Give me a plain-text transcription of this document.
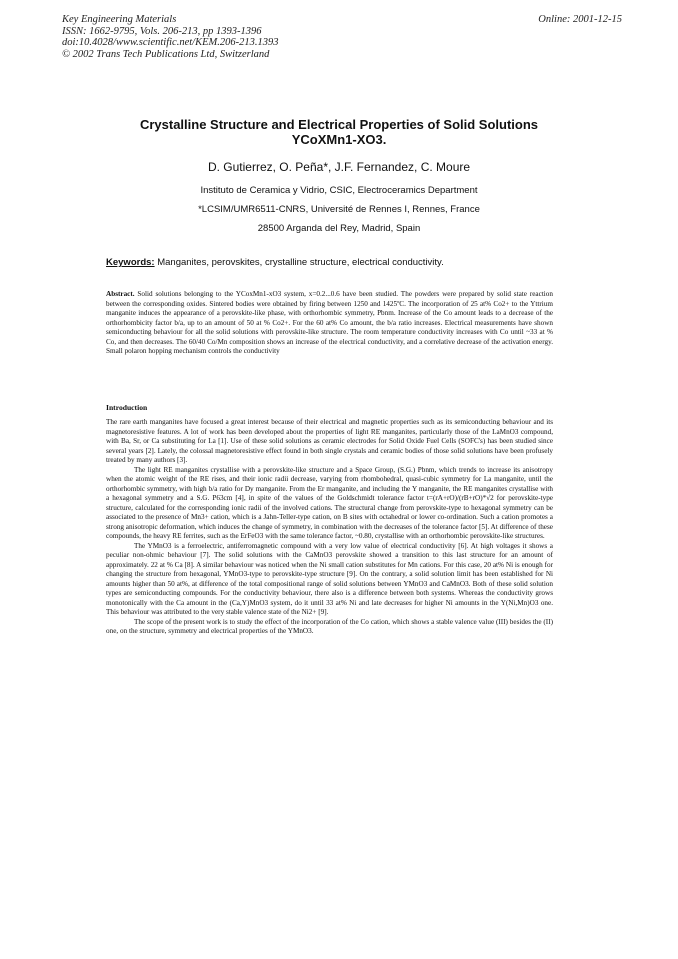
Key Engineering Materials
ISSN: 1662-9795, Vols. 206-213, pp 1393-1396
doi:10.4028/www.scientific.net/KEM.206-213.1393
© 2002 Trans Tech Publications Ltd, Switzerland
Online: 2001-12-15
Crystalline Structure and Electrical Properties of Solid Solutions
YCoXMn1-XO3.
D. Gutierrez, O. Peña*, J.F. Fernandez, C. Moure
Instituto de Ceramica y Vidrio, CSIC, Electroceramics Department
*LCSIM/UMR6511-CNRS, Université de Rennes I, Rennes, France
28500 Arganda del Rey, Madrid, Spain
Keywords: Manganites, perovskites, crystalline structure, electrical conductivity.

Abstract. Solid solutions belonging to the YCoxMn1-xO3 system, x=0.2...0.6 have been studied. The powders were prepared by solid state reaction between the corresponding oxides. Sintered bodies were obtained by firing between 1250 and 1425ºC. The incorporation of 25 at% Co2+ to the Yttrium manganite induces the appearance of a perovskite-like phase, with orthorhombic symmetry, Pbnm. Increase of the Co amount leads to a decrease of the orthorhombicity factor b/a, up to an amount of 50 at % Co2+. For the 60 at% Co amount, the b/a ratio increases. Electrical measurements have shown semiconducting behaviour for all the solid solutions with perovskite-like structure. The room temperature conductivity increases with Co until ~33 at % Co, and then decreases. The 60/40 Co/Mn composition shows an increase of the electrical conductivity, and a correlative decrease of the activation energy. Small polaron hopping mechanism controls the conductivity

Introduction

The rare earth manganites have focused a great interest because of their electrical and magnetic properties such as its semiconducting behaviour and its magnetoresistive features. A lot of work has been developed about the properties of light RE manganites, particularly those of the LaMnO3 compound, with Ba, Sr, or Ca substituting for La [1]. Use of these solid solutions as ceramic electrodes for Solid Oxide Fuel Cells (SOFC's) has been studied since several years [2]. Lately, the colossal magnetoresistive effect found in both single crystals and ceramic bodies of those solid solutions have been profusely treated by many authors [3].

The light RE manganites crystallise with a perovskite-like structure and a Space Group, (S.G.) Pbnm, which trends to increase its anisotropy when the atomic weight of the RE rises, and their ionic radii decrease, varying from rhombohedral, quasi-cubic symmetry for La manganite, until the orthorhombic symmetry, with high b/a ratio for Dy manganite. From the Er manganite, and including the Y manganite, the RE manganites crystallise with a hexagonal symmetry and a S.G. P63cm [4], in spite of the values of the Goldschmidt tolerance factor t=(rA+rO)/(rB+rO)*√2 for perovskite-type structure, calculated for the corresponding ionic radii of the involved cations. The structural change from perovskite-type to hexagonal symmetry can be associated to the presence of Mn3+ cation, which is a Jahn-Teller-type cation, on B sites with octahedral or lower co-ordination. Such a cation promotes a strong anisotropic deformation, which induces the change of symmetry, in combination with the decreases of the tolerance factor [5]. At difference of these compounds, the heavy RE ferrites, such as the ErFeO3 with the same tolerance factor, ~0.80, crystallise with an orthorhombic perovskite-like structures.

The YMnO3 is a ferroelectric, antiferromagnetic compound with a very low value of electrical conductivity [6]. At high voltages it shows a peculiar non-ohmic behaviour [7]. The solid solutions with the CaMnO3 perovskite showed a transition to this last structure for an amount of approximately. 22 at % Ca [8]. A similar behaviour was noticed when the Ni small cation substitutes for Mn cations. For this case, 20 at% Ni is enough for changing the structure from hexagonal, YMnO3-type to perovskite-type structure [9]. On the contrary, a solid solution limit has been established for Ni amounts higher than 50 at%, at difference of the total compositional range of solid solutions between YMnO3 and CaMnO3. Both of these solid solution types are semiconducting compounds. For the conductivity behaviour, there also is a difference between both systems. Whereas the conductivity grows monotonically with the Ca amount in the (Ca,Y)MnO3 system, do it until 33 at% Ni and late decreases for higher Ni amounts in the Y(Ni,Mn)O3 one. This behaviour was attributed to the very stable valence state of the Ni2+ [9].

The scope of the present work is to study the effect of the incorporation of the Co cation, which shows a stable valence value (III) besides the (II) one, on the structure, symmetry and electrical properties of the YMnO3.
